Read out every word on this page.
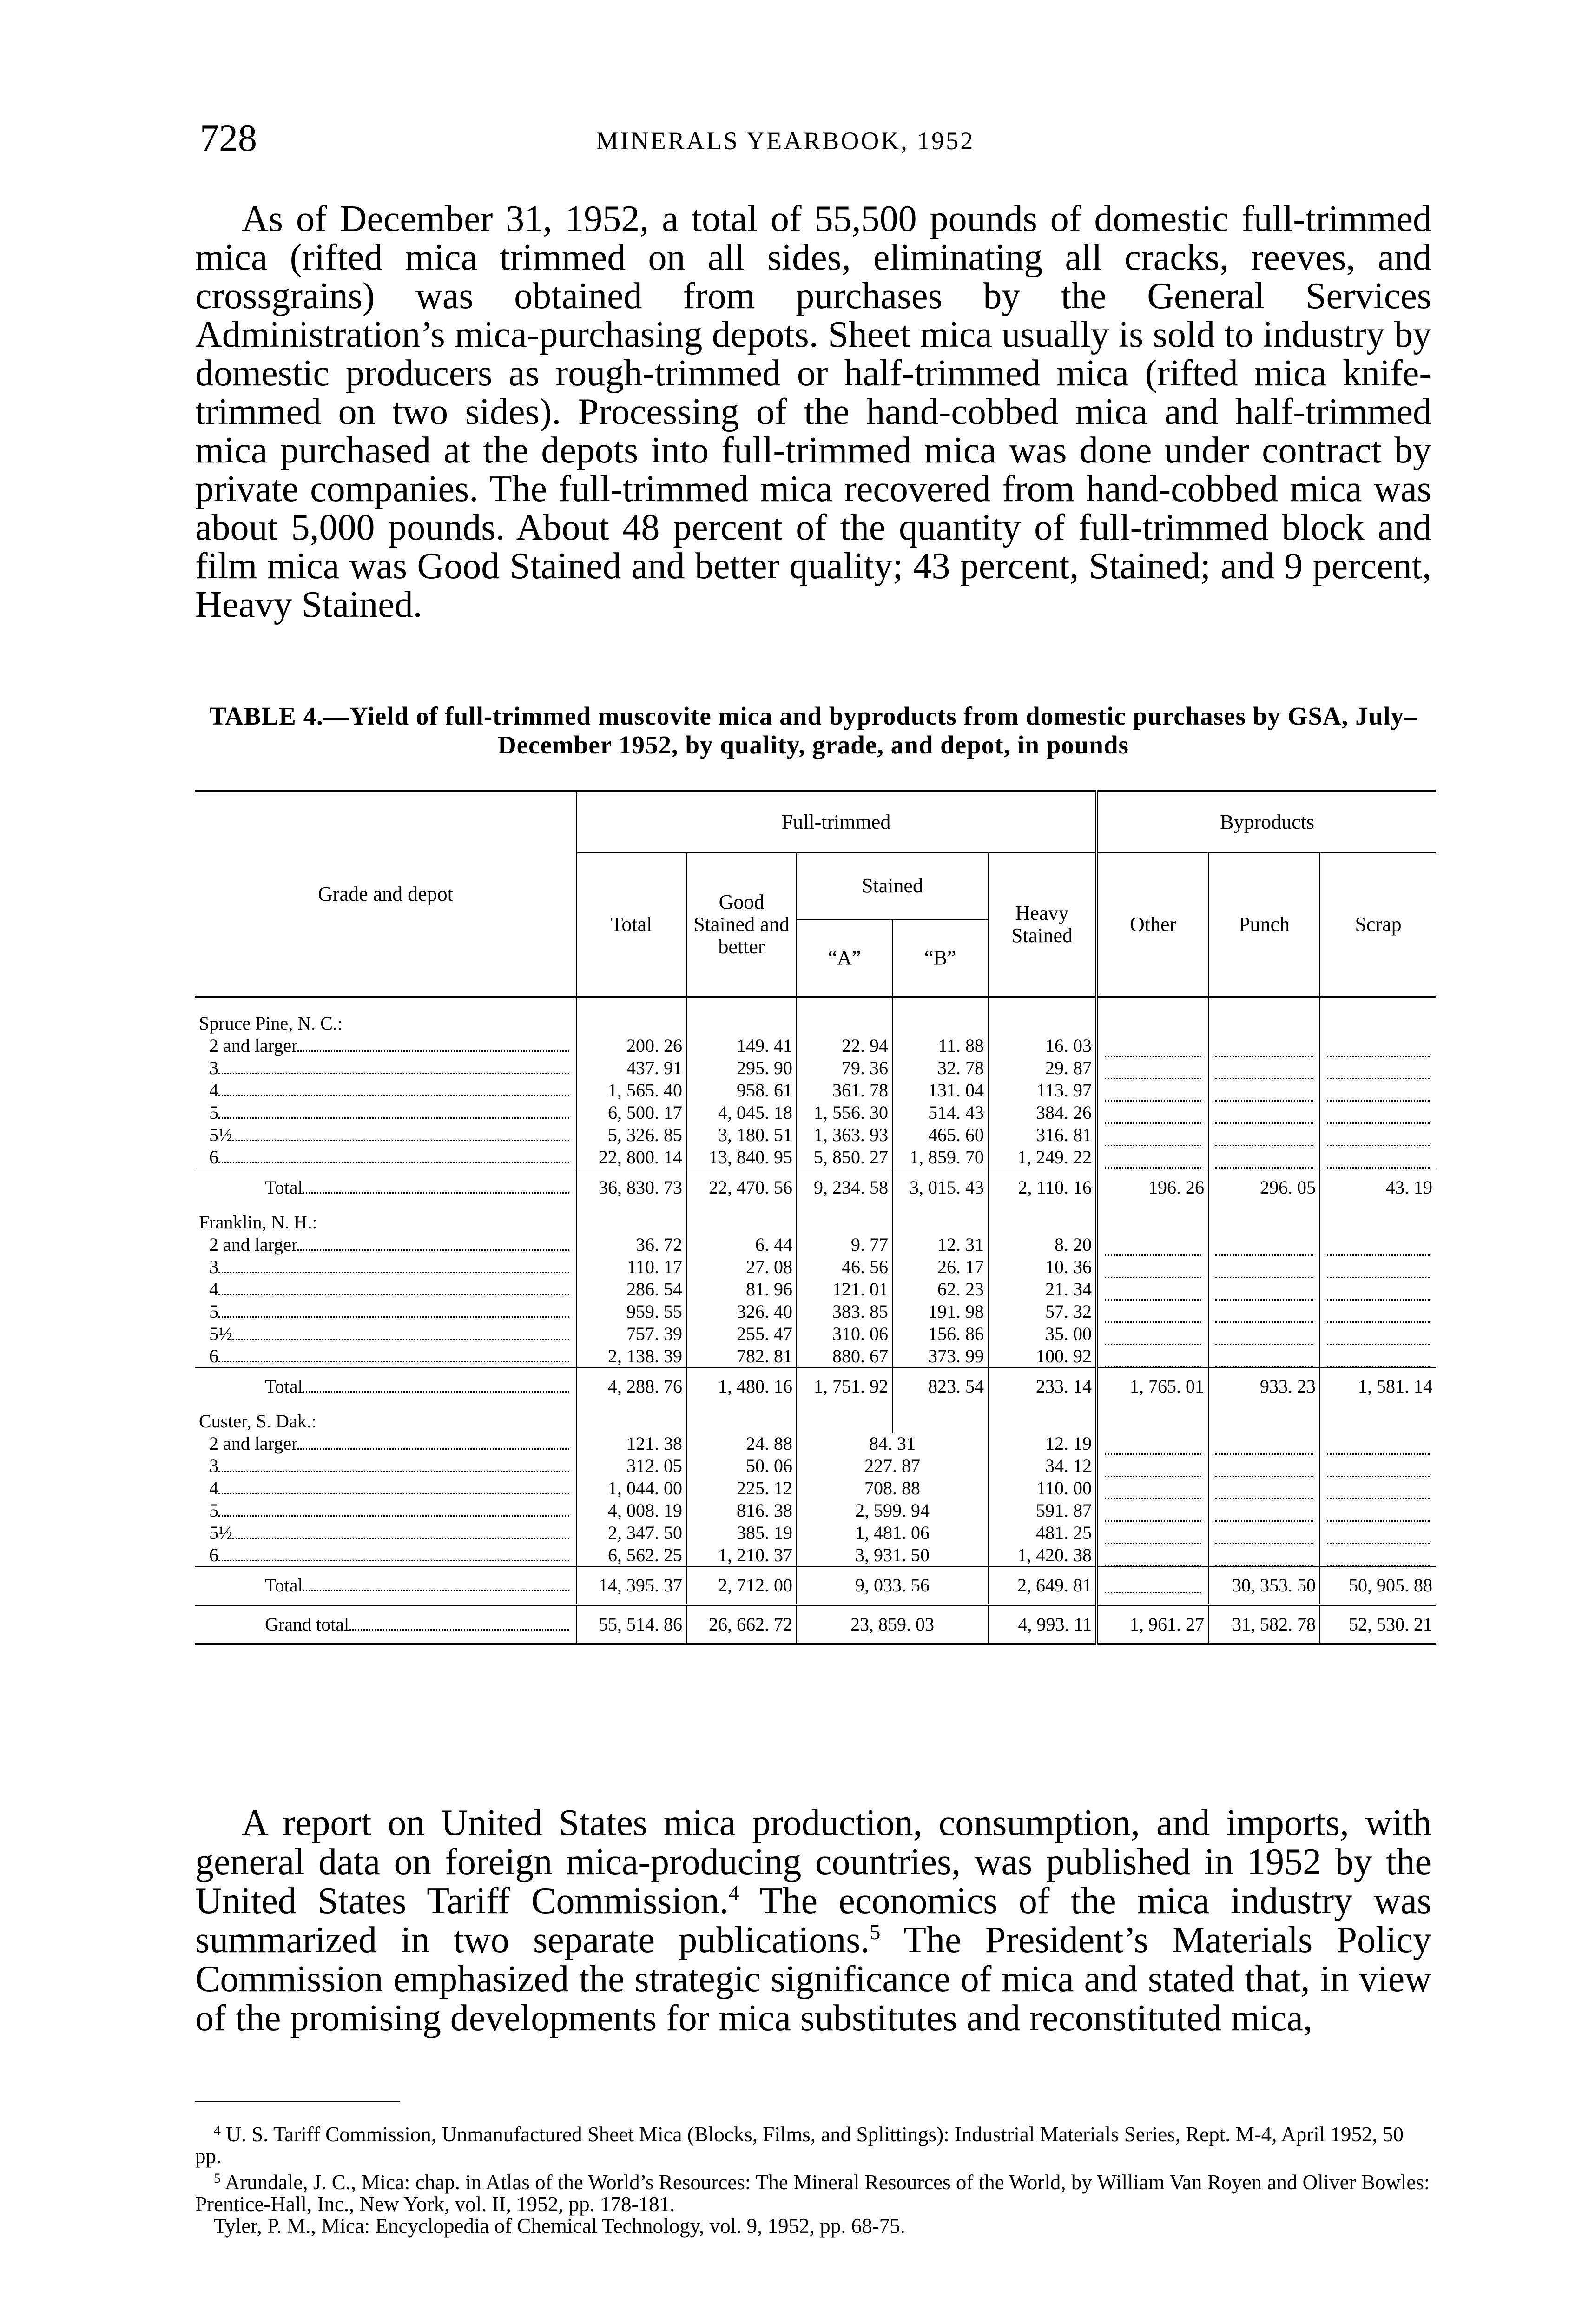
728	MINERALS YEARBOOK, 1952
As of December 31, 1952, a total of 55,500 pounds of domestic full-trimmed mica (rifted mica trimmed on all sides, eliminating all cracks, reeves, and crossgrains) was obtained from purchases by the General Services Administration’s mica-purchasing depots. Sheet mica usually is sold to industry by domestic producers as rough-trimmed or half-trimmed mica (rifted mica knife-trimmed on two sides). Processing of the hand-cobbed mica and half-trimmed mica purchased at the depots into full-trimmed mica was done under contract by private companies. The full-trimmed mica recovered from hand-cobbed mica was about 5,000 pounds. About 48 percent of the quantity of full-trimmed block and film mica was Good Stained and better quality; 43 percent, Stained; and 9 percent, Heavy Stained.
TABLE 4.—Yield of full-trimmed muscovite mica and byproducts from domestic purchases by GSA, July–December 1952, by quality, grade, and depot, in pounds
Grade and depot	Full-trimmed					Byproducts		
	Total	Good Stained and better	Stained		Heavy Stained	Other	Punch	Scrap
			“A”	“B”				
Spruce Pine, N. C.:								
2 and larger	200. 26	149. 41	22. 94	11. 88	16. 03	

3	437. 91	295. 90	79. 36	32. 78	29. 87	

4	1, 565. 40	958. 61	361. 78	131. 04	113. 97	

5	6, 500. 17	4, 045. 18	1, 556. 30	514. 43	384. 26	

5½	5, 326. 85	3, 180. 51	1, 363. 93	465. 60	316. 81	

6	22, 800. 14	13, 840. 95	5, 850. 27	1, 859. 70	1, 249. 22	

Total	36, 830. 73	22, 470. 56	9, 234. 58	3, 015. 43	2, 110. 16	196. 26	296. 05	43. 19
Franklin, N. H.:								
2 and larger	36. 72	6. 44	9. 77	12. 31	8. 20	

3	110. 17	27. 08	46. 56	26. 17	10. 36	

4	286. 54	81. 96	121. 01	62. 23	21. 34	

5	959. 55	326. 40	383. 85	191. 98	57. 32	

5½	757. 39	255. 47	310. 06	156. 86	35. 00	

6	2, 138. 39	782. 81	880. 67	373. 99	100. 92	

Total	4, 288. 76	1, 480. 16	1, 751. 92	823. 54	233. 14	1, 765. 01	933. 23	1, 581. 14
Custer, S. Dak.:								
2 and larger	121. 38	24. 88	84. 31		12. 19	

3	312. 05	50. 06	227. 87		34. 12	

4	1, 044. 00	225. 12	708. 88		110. 00	

5	4, 008. 19	816. 38	2, 599. 94		591. 87	

5½	2, 347. 50	385. 19	1, 481. 06		481. 25	

6	6, 562. 25	1, 210. 37	3, 931. 50		1, 420. 38	

Total	14, 395. 37	2, 712. 00	9, 033. 56		2, 649. 81		30, 353. 50	50, 905. 88
Grand total	55, 514. 86	26, 662. 72	23, 859. 03		4, 993. 11	1, 961. 27	31, 582. 78	52, 530. 21
A report on United States mica production, consumption, and imports, with general data on foreign mica-producing countries, was published in 1952 by the United States Tariff Commission.$^4$ The economics of the mica industry was summarized in two separate publications.$^5$ The President’s Materials Policy Commission emphasized the strategic significance of mica and stated that, in view of the promising developments for mica substitutes and reconstituted mica,

$^4$ U. S. Tariff Commission, Unmanufactured Sheet Mica (Blocks, Films, and Splittings): Industrial Materials Series, Rept. M-4, April 1952, 50 pp.

$^5$ Arundale, J. C., Mica: chap. in Atlas of the World’s Resources: The Mineral Resources of the World, by William Van Royen and Oliver Bowles: Prentice-Hall, Inc., New York, vol. II, 1952, pp. 178-181.

Tyler, P. M., Mica: Encyclopedia of Chemical Technology, vol. 9, 1952, pp. 68-75.
